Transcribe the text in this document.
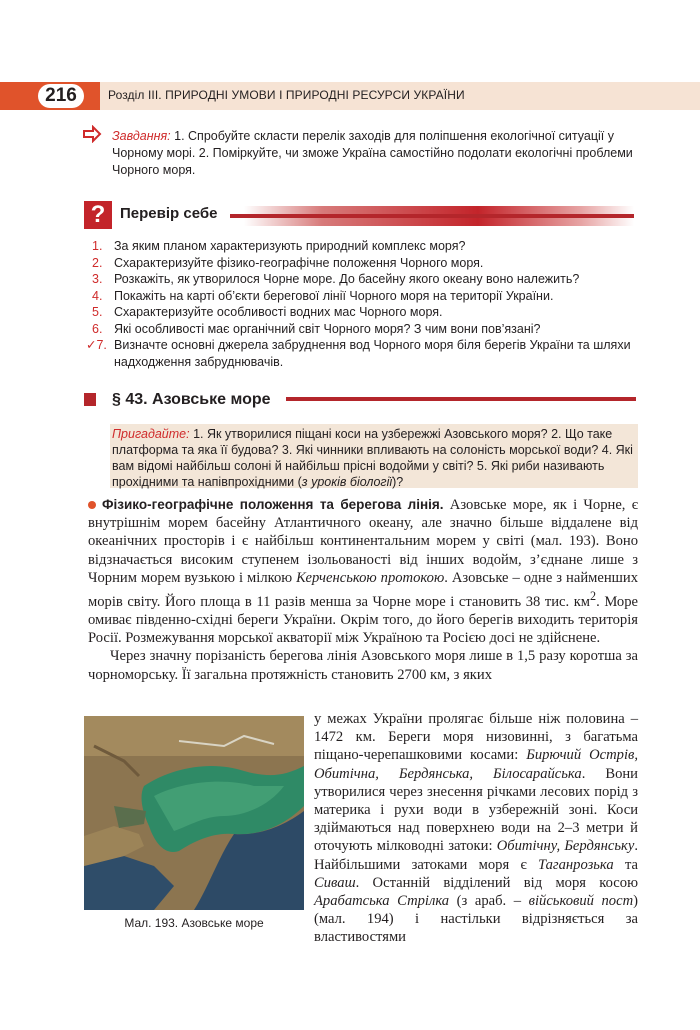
216	Розділ ІІІ. ПРИРОДНІ УМОВИ І ПРИРОДНІ РЕСУРСИ УКРАЇНИ
Завдання: 1. Спробуйте скласти перелік заходів для поліпшення екологічної ситуації у Чорному морі. 2. Поміркуйте, чи зможе Україна самостійно подолати екологічні проблеми Чорного моря.
? Перевір себе
1. За яким планом характеризують природний комплекс моря?
2. Схарактеризуйте фізико-географічне положення Чорного моря.
3. Розкажіть, як утворилося Чорне море. До басейну якого океану воно належить?
4. Покажіть на карті об’єкти берегової лінії Чорного моря на території України.
5. Схарактеризуйте особливості водних мас Чорного моря.
6. Які особливості має органічний світ Чорного моря? З чим вони пов’язані?
✓7. Визначте основні джерела забруднення вод Чорного моря біля берегів України та шляхи надходження забруднювачів.
§ 43. Азовське море
Пригадайте: 1. Як утворилися піщані коси на узбережжі Азовського моря? 2. Що таке платформа та яка її будова? 3. Які чинники впливають на солоність морської води? 4. Які вам відомі найбільш солоні й найбільш прісні водойми у світі? 5. Які риби називають прохідними та напівпрохідними (з уроків біології)?

Фізико-географічне положення та берегова лінія. Азовське море, як і Чорне, є внутрішнім морем басейну Атлантичного океану, але значно більше віддалене від океанічних просторів і є найбільш континентальним морем у світі (мал. 193). Воно відзначається високим ступенем ізольованості від інших водойм, з’єднане лише з Чорним морем вузькою і мілкою Керченською протокою. Азовське – одне з найменших морів світу. Його площа в 11 разів менша за Чорне море і становить 38 тис. $км^2$. Море омиває південно-східні береги України. Окрім того, до його берегів виходить територія Росії. Розмежування морської акваторії між Україною та Росією досі не здійснене.

Через значну порізаність берегова лінія Азовського моря лише в 1,5 разу коротша за чорноморську. Її загальна протяжність становить 2700 км, з яких

Мал. 193. Азовське море
у межах України пролягає більше ніж половина – 1472 км. Береги моря низовинні, з багатьма піщано-черепашковими косами: Бирючий Острів, Обитічна, Бердянська, Білосарайська. Вони утворилися через знесення річками лесових порід з материка і рухи води в узбережній зоні. Коси здіймаються над поверхнею води на 2–3 метри й оточують мілководні затоки: Обитічну, Бердянську. Найбільшими затоками моря є Таганрозька та Сиваш. Останній відділений від моря косою Арабатська Стрілка (з араб. – військовий пост) (мал. 194) і настільки відрізняється за властивостями
